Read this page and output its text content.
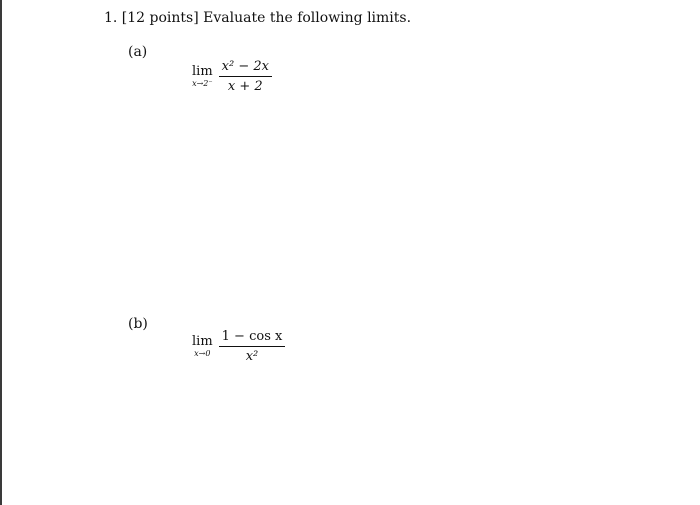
1. [12 points] Evaluate the following limits.
(a)
lim
$x\to 2^- \frac{\text{x² − 2x}}{x + 2}$
(b)
lim
$x\to 0 \frac{\text{1 − cos x}}{\text{x²}}$
